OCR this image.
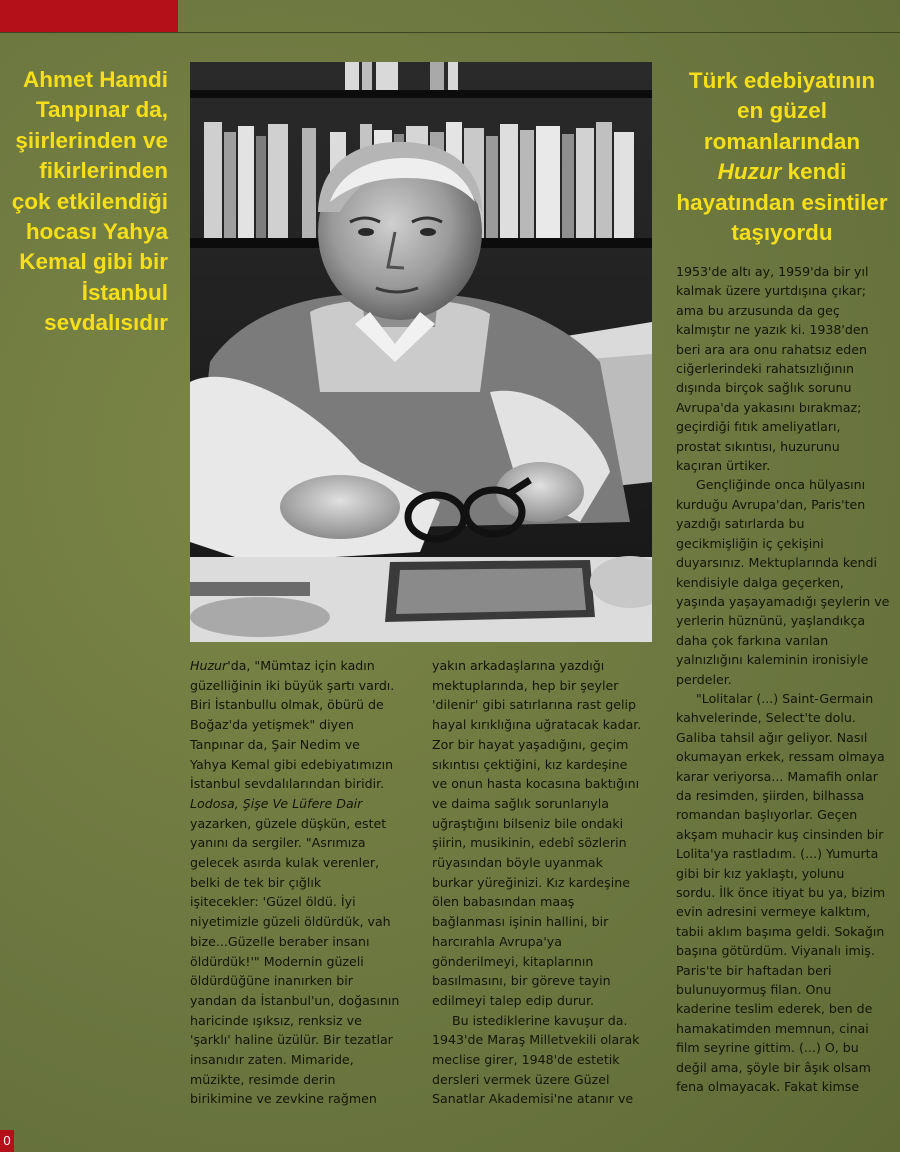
Ahmet Hamdi
Tanpınar da,
şiirlerinden ve
fikirlerinden
çok etkilendiği
hocası Yahya
Kemal gibi bir
İstanbul
sevdalısıdır
Türk edebiyatının
en güzel
romanlarından
Huzur kendi
hayatından esintiler
taşıyordu

Huzur'da, "Mümtaz için kadın
güzelliğinin iki büyük şartı vardı.
Biri İstanbullu olmak, öbürü de
Boğaz'da yetişmek" diyen
Tanpınar da, Şair Nedim ve
Yahya Kemal gibi edebiyatımızın
İstanbul sevdalılarından biridir.
Lodosa, Şişe Ve Lüfere Dair
yazarken, güzele düşkün, estet
yanını da sergiler. "Asrımıza
gelecek asırda kulak verenler,
belki de tek bir çığlık
işitecekler: 'Güzel öldü. İyi
niyetimizle güzeli öldürdük, vah
bize...Güzelle beraber insanı
öldürdük!'" Modernin güzeli
öldürdüğüne inanırken bir
yandan da İstanbul'un, doğasının
haricinde ışıksız, renksiz ve
'şarklı' haline üzülür. Bir tezatlar
insanıdır zaten. Mimaride,
müzikte, resimde derin
birikimine ve zevkine rağmen

yakın arkadaşlarına yazdığı
mektuplarında, hep bir şeyler
'dilenir' gibi satırlarına rast gelip
hayal kırıklığına uğratacak kadar.
Zor bir hayat yaşadığını, geçim
sıkıntısı çektiğini, kız kardeşine
ve onun hasta kocasına baktığını
ve daima sağlık sorunlarıyla
uğraştığını bilseniz bile ondaki
şiirin, musikinin, edebî sözlerin
rüyasından böyle uyanmak
burkar yüreğinizi. Kız kardeşine
ölen babasından maaş
bağlanması işinin hallini, bir
harcırahla Avrupa'ya
gönderilmeyi, kitaplarının
basılmasını, bir göreve tayin
edilmeyi talep edip durur.

Bu istediklerine kavuşur da.
1943'de Maraş Milletvekili olarak
meclise girer, 1948'de estetik
dersleri vermek üzere Güzel
Sanatlar Akademisi'ne atanır ve

1953'de altı ay, 1959'da bir yıl
kalmak üzere yurtdışına çıkar;
ama bu arzusunda da geç
kalmıştır ne yazık ki. 1938'den
beri ara ara onu rahatsız eden
ciğerlerindeki rahatsızlığının
dışında birçok sağlık sorunu
Avrupa'da yakasını bırakmaz;
geçirdiği fıtık ameliyatları,
prostat sıkıntısı, huzurunu
kaçıran ürtiker.

Gençliğinde onca hülyasını
kurduğu Avrupa'dan, Paris'ten
yazdığı satırlarda bu
gecikmişliğin iç çekişini
duyarsınız. Mektuplarında kendi
kendisiyle dalga geçerken,
yaşında yaşayamadığı şeylerin ve
yerlerin hüznünü, yaşlandıkça
daha çok farkına varılan
yalnızlığını kaleminin ironisiyle
perdeler.

"Lolitalar (...) Saint-Germain
kahvelerinde, Select'te dolu.
Galiba tahsil ağır geliyor. Nasıl
okumayan erkek, ressam olmaya
karar veriyorsa... Mamafih onlar
da resimden, şiirden, bilhassa
romandan başlıyorlar. Geçen
akşam muhacir kuş cinsinden bir
Lolita'ya rastladım. (...) Yumurta
gibi bir kız yaklaştı, yolunu
sordu. İlk önce itiyat bu ya, bizim
evin adresini vermeye kalktım,
tabii aklım başıma geldi. Sokağın
başına götürdüm. Viyanalı imiş.
Paris'te bir haftadan beri
bulunuyormuş filan. Onu
kaderine teslim ederek, ben de
hamakatimden memnun, cinai
film seyrine gittim. (...) O, bu
değil ama, şöyle bir âşık olsam
fena olmayacak. Fakat kimse

0
